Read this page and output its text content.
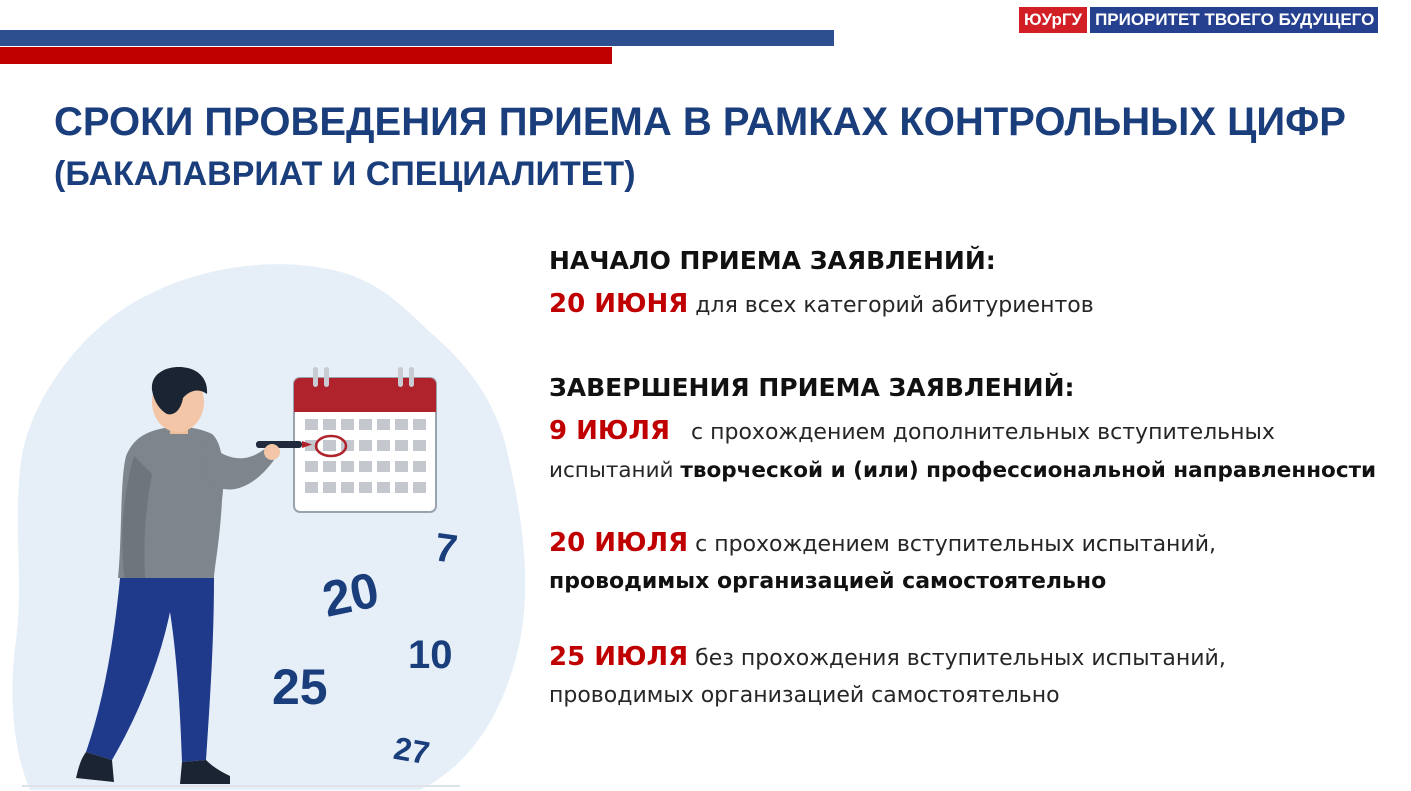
ЮУрГУ ПРИОРИТЕТ ТВОЕГО БУДУЩЕГО
СРОКИ ПРОВЕДЕНИЯ ПРИЕМА В РАМКАХ КОНТРОЛЬНЫХ ЦИФР
(БАКАЛАВРИАТ И СПЕЦИАЛИТЕТ)
7
20
10
25
27
НАЧАЛО ПРИЕМА ЗАЯВЛЕНИЙ:
20 ИЮНЯ для всех категорий абитуриентов
ЗАВЕРШЕНИЯ ПРИЕМА ЗАЯВЛЕНИЙ:
9 ИЮЛЯ   с прохождением дополнительных вступительных
испытаний творческой и (или) профессиональной направленности
20 ИЮЛЯ с прохождением вступительных испытаний,
проводимых организацией самостоятельно
25 ИЮЛЯ без прохождения вступительных испытаний,
проводимых организацией самостоятельно
